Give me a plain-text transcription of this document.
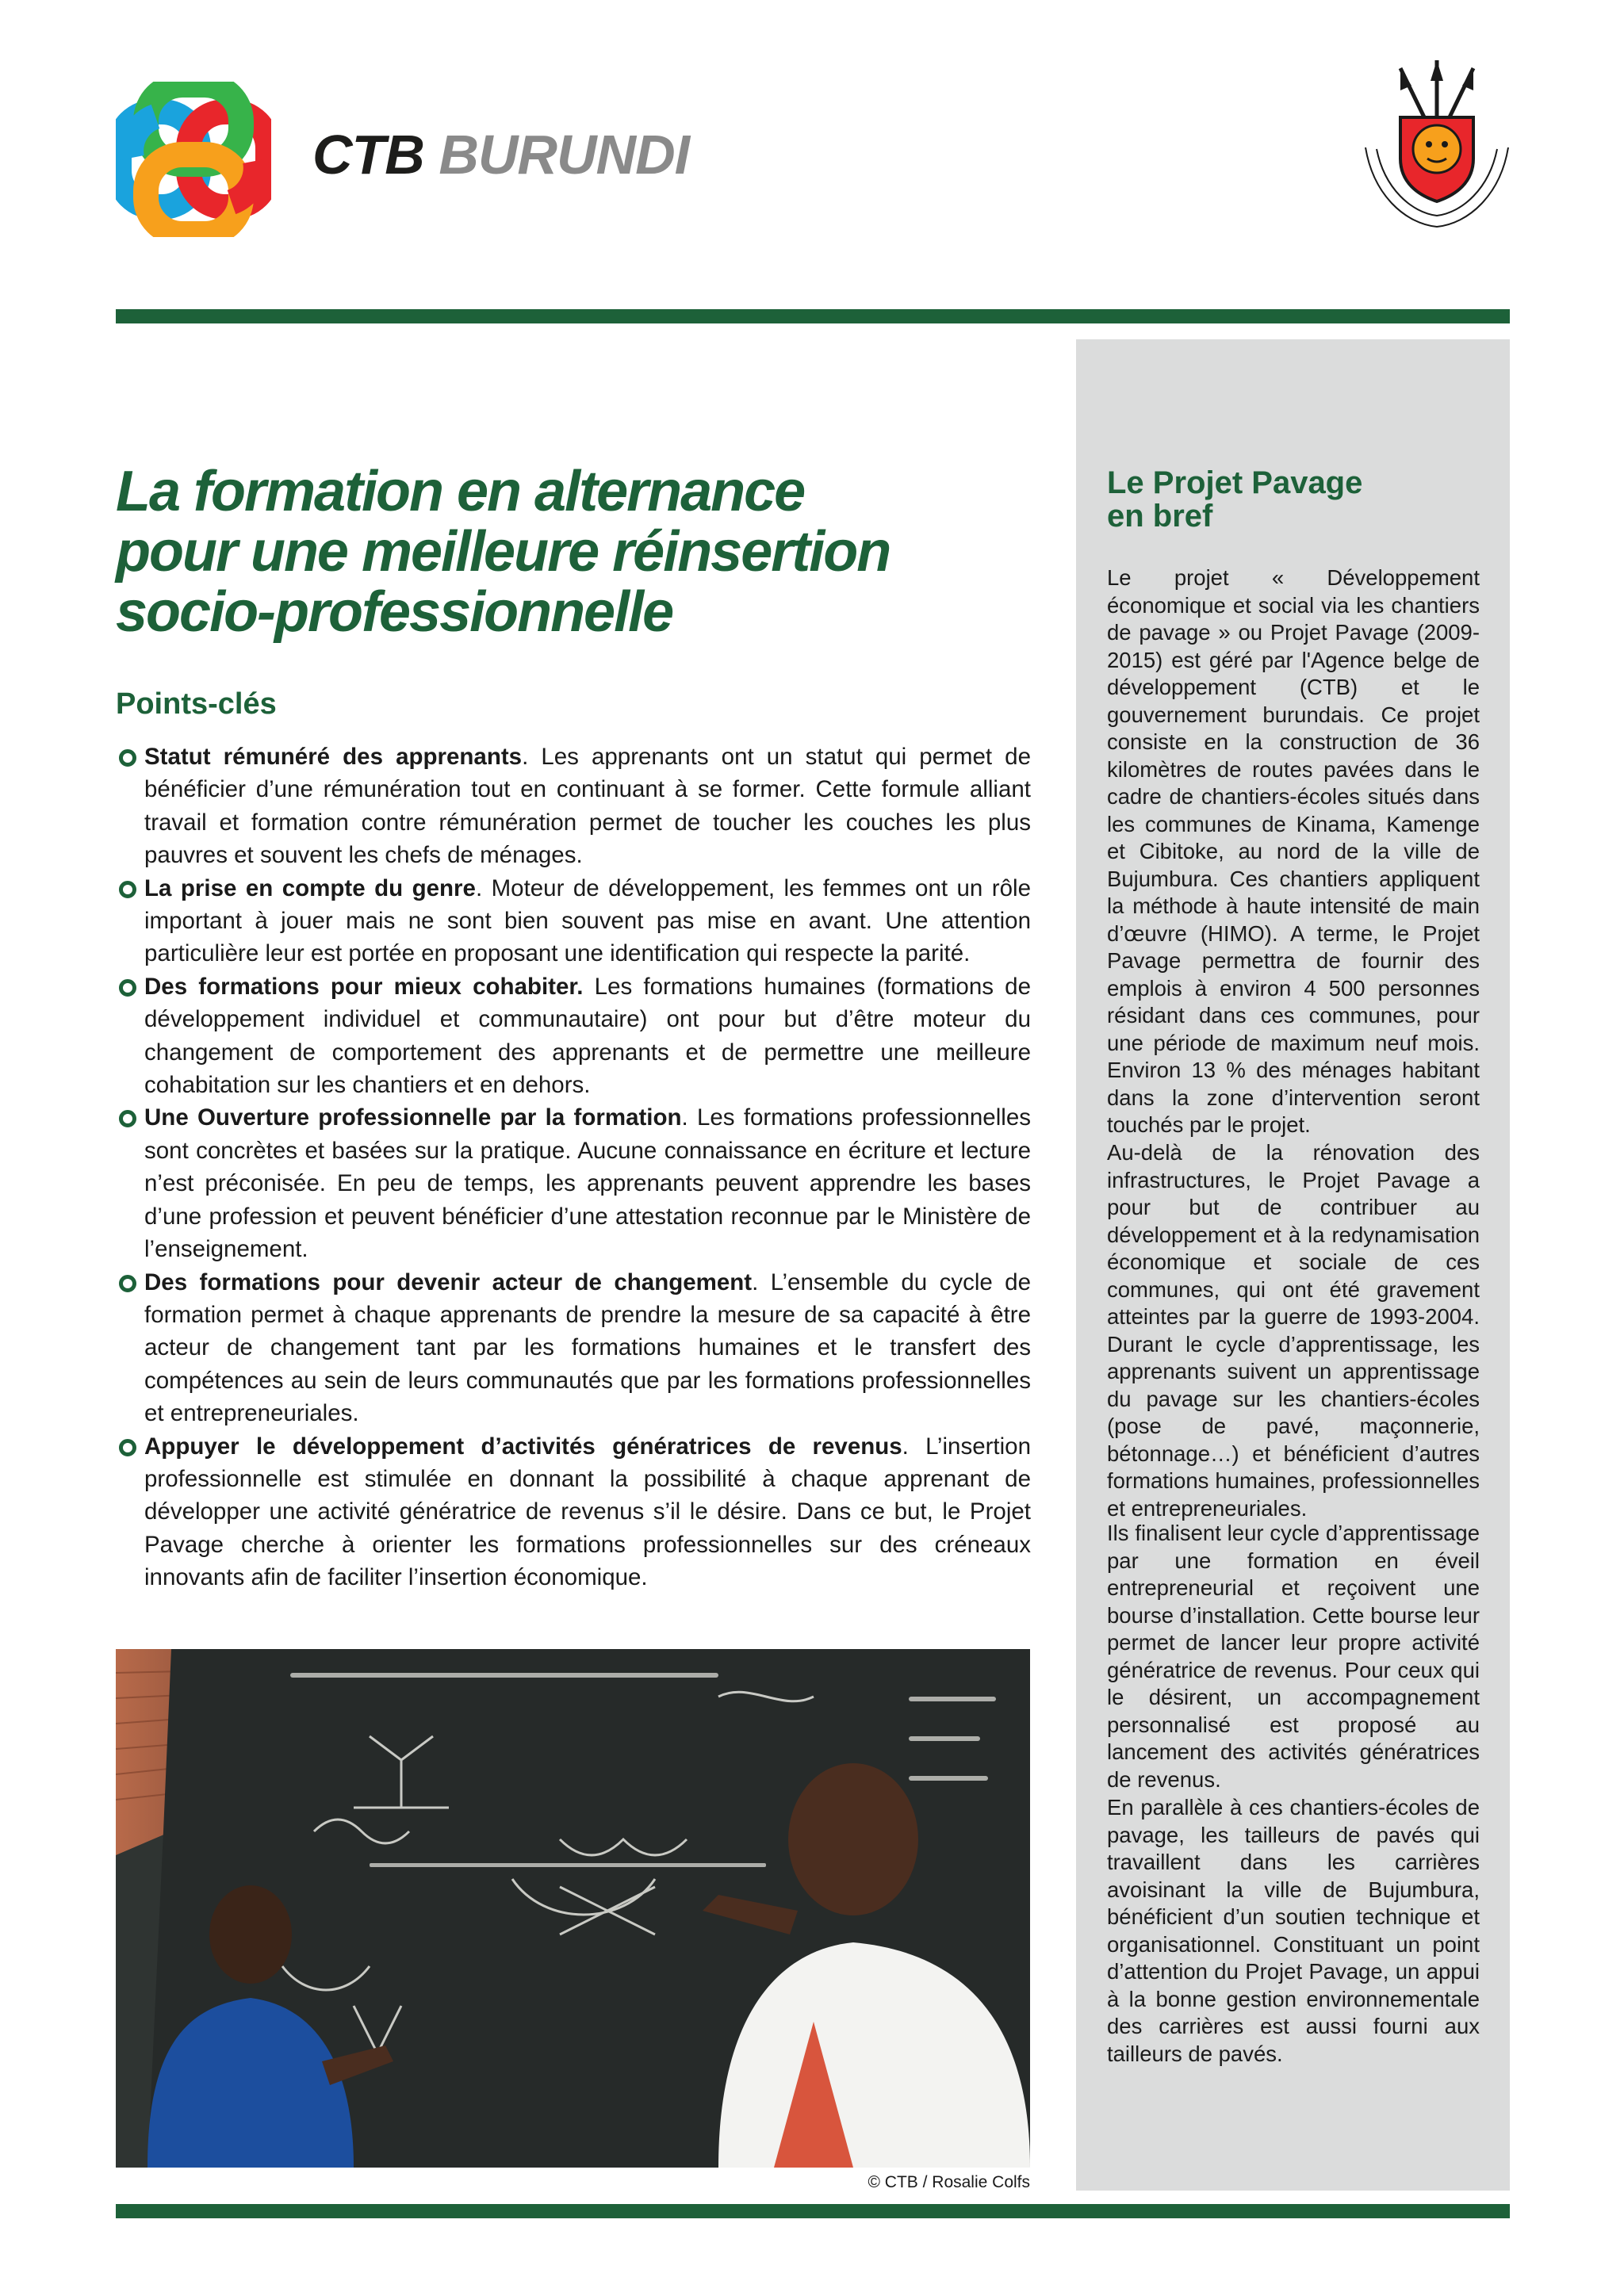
CTB BURUNDI
Le Projet Pavage
en bref

Le projet « Développement économique et social via les chantiers de pavage » ou Projet Pavage (2009-2015) est géré par l'Agence belge de développement (CTB) et le gouvernement burundais. Ce projet consiste en la construction de 36 kilomètres de routes pavées dans le cadre de chantiers-écoles situés dans les communes de Kinama, Kamenge et Cibitoke, au nord de la ville de Bujumbura. Ces chantiers appliquent la méthode à haute intensité de main d’œuvre (HIMO). A terme, le Projet Pavage permettra de fournir des emplois à environ 4 500 personnes résidant dans ces communes, pour une période de maximum neuf mois. Environ 13 % des ménages habitant dans la zone d’intervention seront touchés par le projet.

Au-delà de la rénovation des infrastructures, le Projet Pavage a pour but de contribuer au développement et à la redynamisation économique et sociale de ces communes, qui ont été gravement atteintes par la guerre de 1993-2004. Durant le cycle d’apprentissage, les apprenants suivent un apprentissage du pavage sur les chantiers-écoles (pose de pavé, maçonnerie, bétonnage…) et bénéficient d’autres formations humaines, professionnelles et entrepreneuriales.

Ils finalisent leur cycle d’apprentissage par une formation en éveil entrepreneurial et reçoivent une bourse d’installation. Cette bourse leur permet de lancer leur propre activité génératrice de revenus. Pour ceux qui le désirent, un accompagnement personnalisé est proposé au lancement des activités génératrices de revenus.

En parallèle à ces chantiers-écoles de pavage, les tailleurs de pavés qui travaillent dans les carrières avoisinant la ville de Bujumbura, bénéficient d’un soutien technique et organisationnel. Constituant un point d’attention du Projet Pavage, un appui à la bonne gestion environnementale des carrières est aussi fourni aux tailleurs de pavés.

La formation en alternance
pour une meilleure réinsertion
socio-professionnelle
Points-clés
Statut rémunéré des apprenants. Les apprenants ont un statut qui permet de bénéficier d’une rémunération tout en continuant à se former. Cette formule alliant travail et formation contre rémunération permet de toucher les couches les plus pauvres et souvent les chefs de ménages.
La prise en compte du genre. Moteur de développement, les femmes ont un rôle important à jouer mais ne sont bien souvent pas mise en avant. Une attention particulière leur est portée en proposant une identification qui respecte la parité.
Des formations pour mieux cohabiter. Les formations humaines (formations de développement individuel et communautaire) ont pour but d’être moteur du changement de comportement des apprenants et de permettre une meilleure cohabitation sur les chantiers et en dehors.
Une Ouverture professionnelle par la formation. Les formations professionnelles sont concrètes et basées sur la pratique. Aucune connaissance en écriture et lecture n’est préconisée. En peu de temps, les apprenants peuvent apprendre les bases d’une profession et peuvent bénéficier d’une attestation reconnue par le Ministère de l’enseignement.
Des formations pour devenir acteur de changement. L’ensemble du cycle de formation permet à chaque apprenants de prendre la mesure de sa capacité à être acteur de changement tant par les formations humaines et le transfert des compétences au sein de leurs communautés que par les formations professionnelles et entrepreneuriales.
Appuyer le développement d’activités génératrices de revenus. L’insertion professionnelle est stimulée en donnant la possibilité à chaque apprenant de développer une activité génératrice de revenus s’il le désire. Dans ce but, le Projet Pavage cherche à orienter les formations professionnelles sur des créneaux innovants afin de faciliter l’insertion économique.
© CTB / Rosalie Colfs
